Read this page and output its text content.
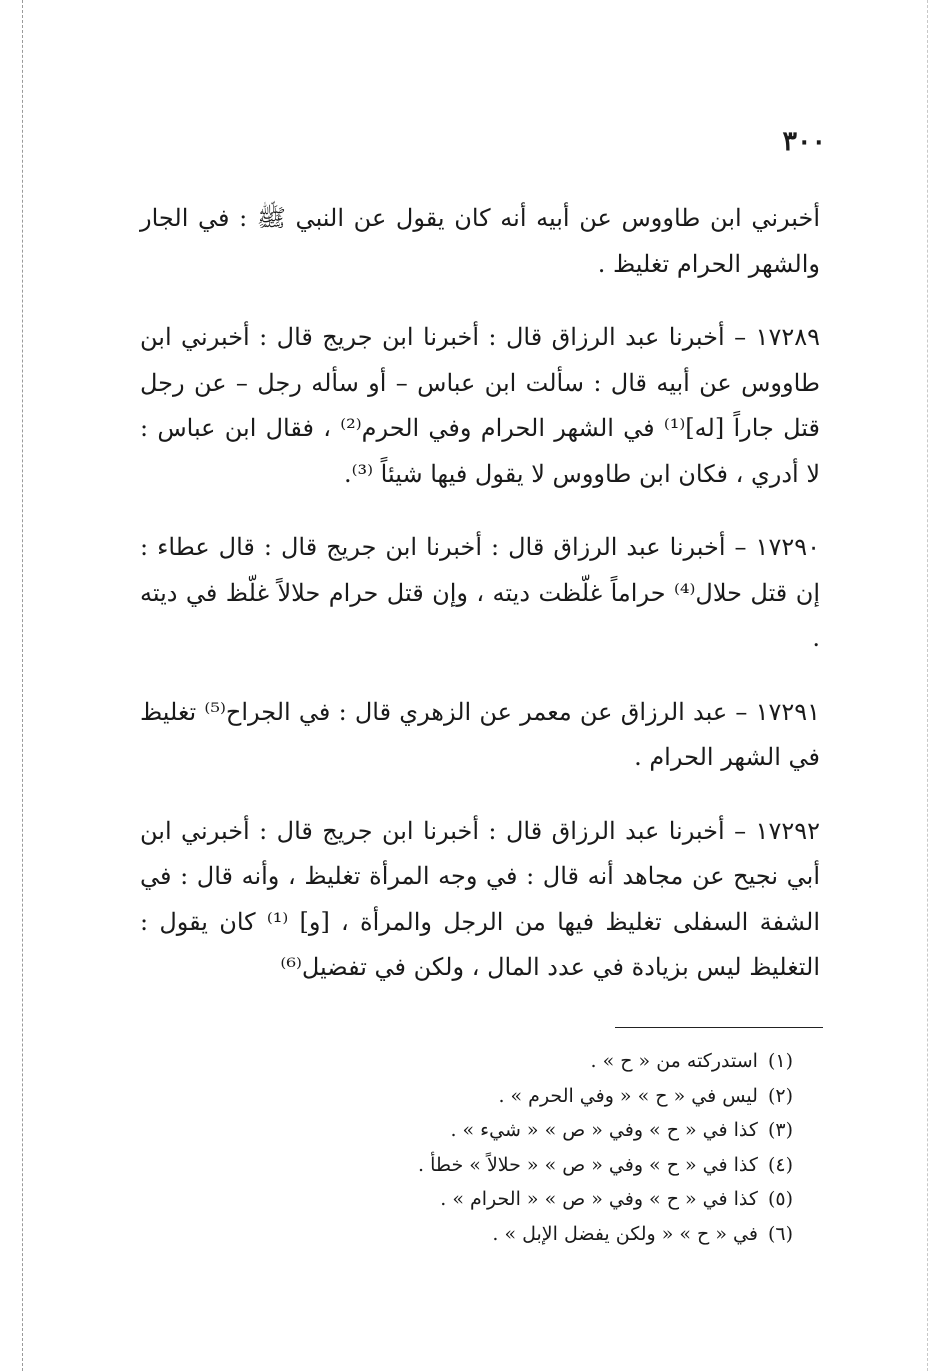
٣٠٠

أخبرني ابن طاووس عن أبيه أنه كان يقول عن النبي ﷺ : في الجار والشهر الحرام تغليظ .

١٧٢٨٩ – أخبرنا عبد الرزاق قال : أخبرنا ابن جريج قال : أخبرني ابن طاووس عن أبيه قال : سألت ابن عباس – أو سأله رجل – عن رجل قتل جاراً [له]⁽¹⁾ في الشهر الحرام وفي الحرم⁽²⁾ ، فقال ابن عباس : لا أدري ، فكان ابن طاووس لا يقول فيها شيئاً ⁽³⁾.

١٧٢٩٠ – أخبرنا عبد الرزاق قال : أخبرنا ابن جريج قال : قال عطاء : إن قتل حلال⁽⁴⁾ حراماً غلّظت ديته ، وإن قتل حرام حلالاً غلّظ في ديته .

١٧٢٩١ – عبد الرزاق عن معمر عن الزهري قال : في الجراح⁽⁵⁾ تغليظ في الشهر الحرام .

١٧٢٩٢ – أخبرنا عبد الرزاق قال : أخبرنا ابن جريج قال : أخبرني ابن أبي نجيح عن مجاهد أنه قال : في وجه المرأة تغليظ ، وأنه قال : في الشفة السفلى تغليظ فيها من الرجل والمرأة ، [و] ⁽¹⁾ كان يقول : التغليظ ليس بزيادة في عدد المال ، ولكن في تفضيل⁽⁶⁾

(١)استدركته من « ح » .
(٢)ليس في « ح » « وفي الحرم » .
(٣)كذا في « ح » وفي « ص » « شيء » .
(٤)كذا في « ح » وفي « ص » « حلالاً » خطأ .
(٥)كذا في « ح » وفي « ص » « الحرام » .
(٦)في « ح » « ولكن يفضل الإبل » .
